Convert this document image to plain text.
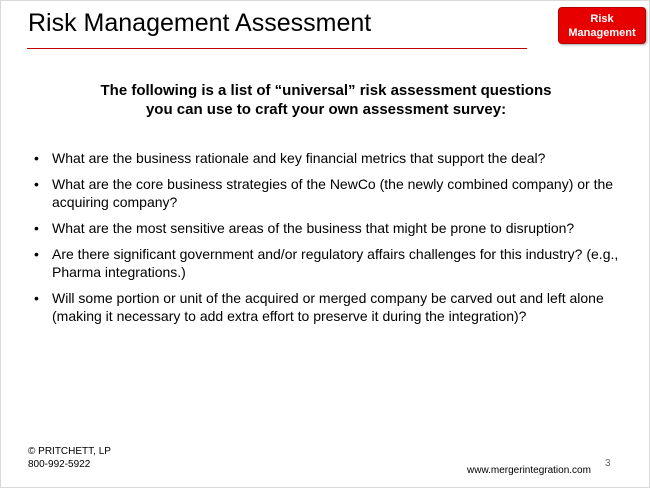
Risk Management Assessment	Risk
Management
The following is a list of “universal” risk assessment questions
you can use to craft your own assessment survey:
• What are the business rationale and key financial metrics that support the deal?
• What are the core business strategies of the NewCo (the newly combined company) or the acquiring company?
• What are the most sensitive areas of the business that might be prone to disruption?
• Are there significant government and/or regulatory affairs challenges for this industry? (e.g., Pharma integrations.)
• Will some portion or unit of the acquired or merged company be carved out and left alone (making it necessary to add extra effort to preserve it during the integration)?
© PRITCHETT, LP
800-992-5922
www.mergerintegration.com
3
